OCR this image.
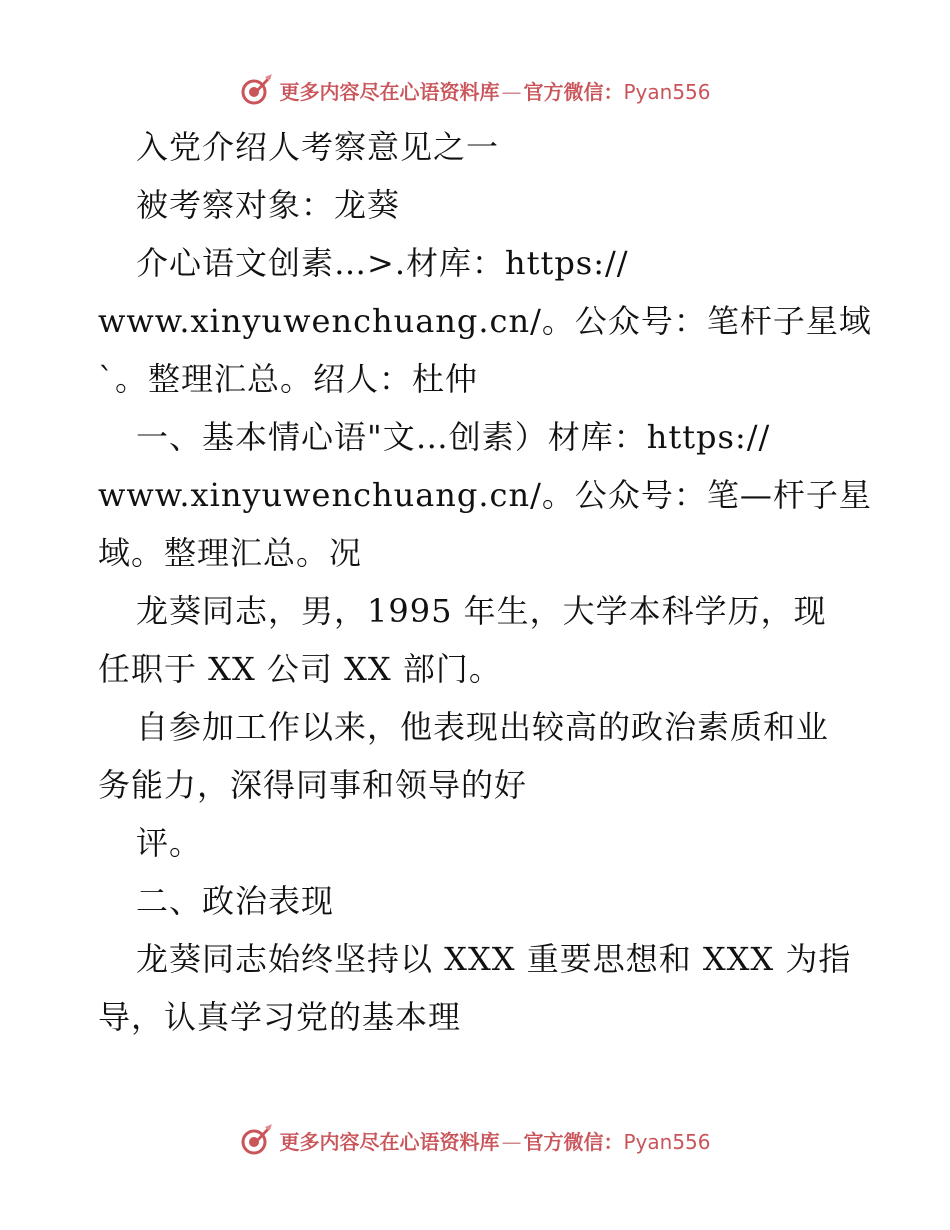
更多内容尽在心语资料库 — 官方微信：Pyan556
入党介绍人考察意见之一
被考察对象：龙葵
介心语文创素…>.材库：https://
www.xinyuwenchuang.cn/。公众号：笔杆子星域
`。整理汇总。绍人：杜仲
一、基本情心语"文…创素）材库：https://
www.xinyuwenchuang.cn/。公众号：笔—杆子星
域。整理汇总。况
龙葵同志，男，1995 年生，大学本科学历，现
任职于 XX 公司 XX 部门。
自参加工作以来，他表现出较高的政治素质和业
务能力，深得同事和领导的好
评。
二、政治表现
龙葵同志始终坚持以 XXX 重要思想和 XXX 为指
导，认真学习党的基本理
更多内容尽在心语资料库 — 官方微信：Pyan556
